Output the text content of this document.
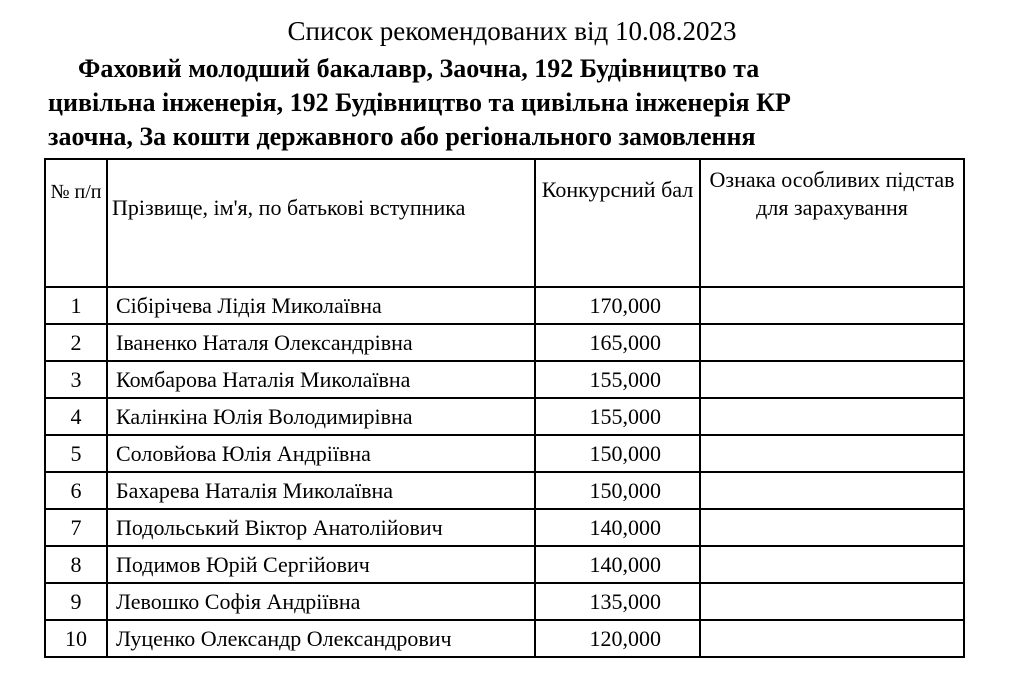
Список рекомендованих від 10.08.2023
Фаховий молодший бакалавр, Заочна, 192 Будівництво та
цивільна інженерія, 192 Будівництво та цивільна інженерія КР
заочна, За кошти державного або регіонального замовлення
№ п/п	Прізвище, ім'я, по батькові вступника	Конкурсний бал	Ознака особливих підстав для зарахування
1	Сібірічева Лідія Миколаївна	170,000	
2	Іваненко Наталя Олександрівна	165,000	
3	Комбарова Наталія Миколаївна	155,000	
4	Калінкіна Юлія Володимирівна	155,000	
5	Соловйова Юлія Андріївна	150,000	
6	Бахарева Наталія Миколаївна	150,000	
7	Подольський Віктор Анатолійович	140,000	
8	Подимов Юрій Сергійович	140,000	
9	Левошко Софія Андріївна	135,000	
10	Луценко Олександр Олександрович	120,000	
